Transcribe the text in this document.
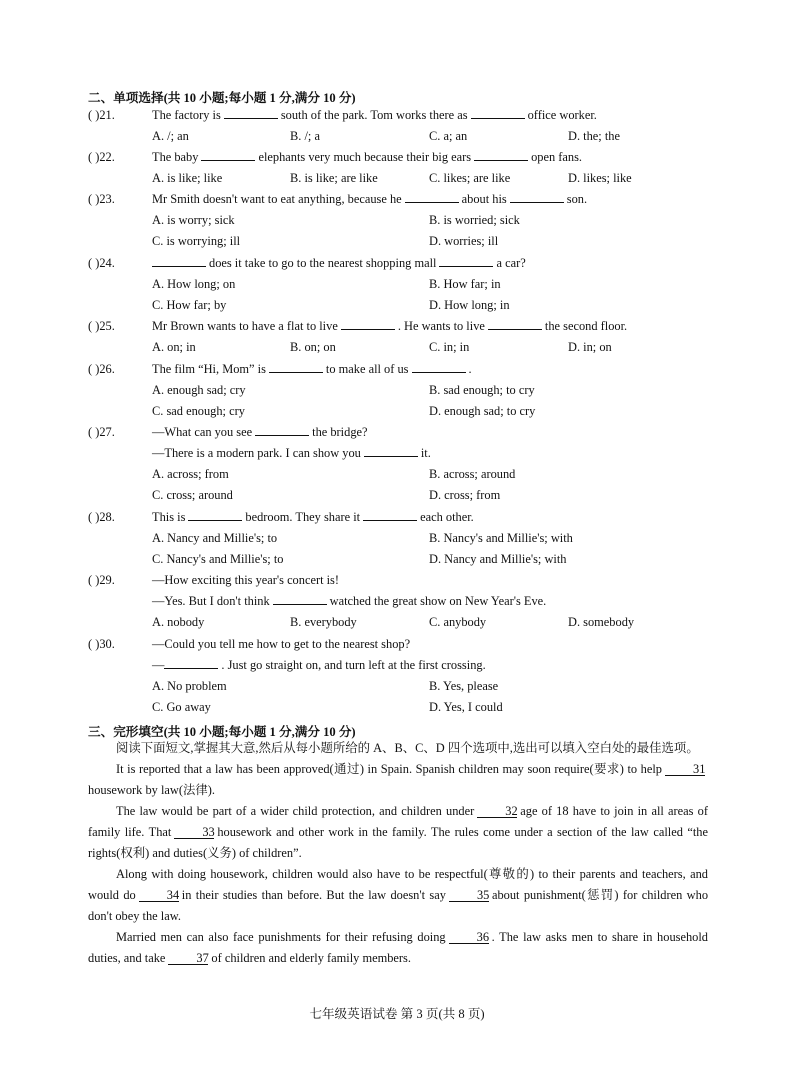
二、单项选择(共 10 小题;每小题 1 分,满分 10 分)
( )21.	The factory is	south of the park. Tom works there as	office worker.
A. /; an	B. /; a	C. a; an	D. the; the
( )22.	The baby	elephants very much because their big ears	open fans.
A. is like; like	B. is like; are like	C. likes; are like	D. likes; like
( )23.	Mr Smith doesn't want to eat anything, because he	about his	son.
A. is worry; sick	B. is worried; sick
C. is worrying; ill	D. worries; ill
( )24.	does it take to go to the nearest shopping mall	a car?
A. How long; on	B. How far; in
C. How far; by	D. How long; in
( )25.	Mr Brown wants to have a flat to live	. He wants to live	the second floor.
A. on; in	B. on; on	C. in; in	D. in; on
( )26.	The film “Hi, Mom” is	to make all of us	.
A. enough sad; cry	B. sad enough; to cry
C. sad enough; cry	D. enough sad; to cry
( )27.	—What can you see	the bridge?
—There is a modern park. I can show you	it.
A. across; from	B. across; around
C. cross; around	D. cross; from
( )28.	This is	bedroom. They share it	each other.
A. Nancy and Millie's; to	B. Nancy's and Millie's; with
C. Nancy's and Millie's; to	D. Nancy and Millie's; with
( )29.	—How exciting this year's concert is!
—Yes. But I don't think	watched the great show on New Year's Eve.
A. nobody	B. everybody	C. anybody	D. somebody
( )30.	—Could you tell me how to get to the nearest shop?
—	. Just go straight on, and turn left at the first crossing.
A. No problem	B. Yes, please
C. Go away	D. Yes, I could
三、完形填空(共 10 小题;每小题 1 分,满分 10 分)

阅读下面短文,掌握其大意,然后从每小题所给的 A、B、C、D 四个选项中,选出可以填入空白处的最佳选项。

It is reported that a law has been approved(通过) in Spain. Spanish children may soon require(要求) to help	31housework by law(法律).

The law would be part of a wider child protection, and children under	32 age of 18 have to join in all areas of family life. That	33 housework and other work in the family. The rules come under a section of the law called “the rights(权利) and duties(义务) of children”.

Along with doing housework, children would also have to be respectful(尊敬的) to their parents and teachers, and would do	34 in their studies than before. But the law doesn't say	35 about punishment(惩罚) for children who don't obey the law.

Married men can also face punishments for their refusing doing	36 . The law asks men to share in household duties, and take	37 of children and elderly family members.

七年级英语试卷 第 3 页(共 8 页)
